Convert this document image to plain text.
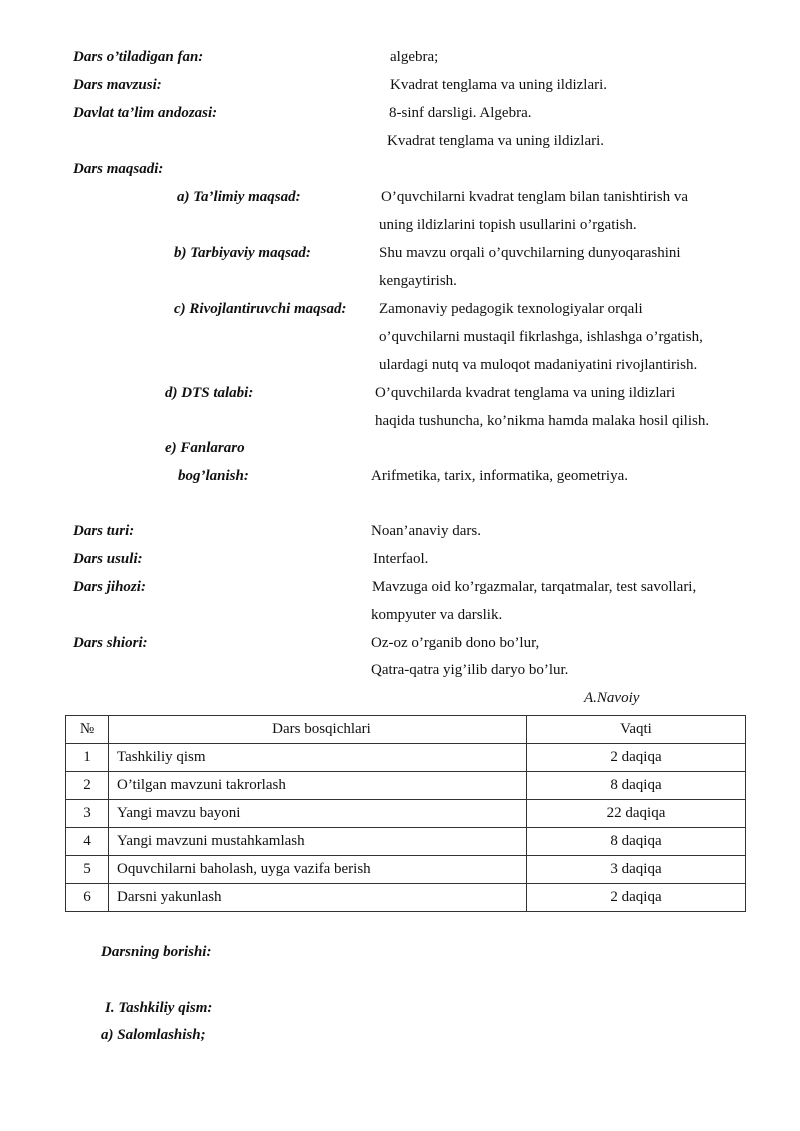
Dars o’tiladigan fan:	algebra;
Dars mavzusi:	Kvadrat tenglama va uning ildizlari.
Davlat ta’lim andozasi:	8-sinf darsligi. Algebra.
Kvadrat tenglama va uning ildizlari.
Dars maqsadi:
a) Ta’limiy maqsad:	O’quvchilarni kvadrat tenglam bilan tanishtirish va
uning ildizlarini topish usullarini o’rgatish.
b) Tarbiyaviy maqsad:	Shu mavzu orqali o’quvchilarning dunyoqarashini
kengaytirish.
c) Rivojlantiruvchi maqsad: Zamonaviy pedagogik texnologiyalar orqali
o’quvchilarni mustaqil fikrlashga, ishlashga o’rgatish,
ulardagi nutq va muloqot madaniyatini rivojlantirish.
d) DTS talabi:	O’quvchilarda kvadrat tenglama va uning ildizlari
haqida tushuncha, ko’nikma hamda malaka hosil qilish.
e) Fanlararo
bog’lanish:	Arifmetika, tarix, informatika, geometriya.
Dars turi:	Noan’anaviy dars.
Dars usuli:	Interfaol.
Dars jihozi:	Mavzuga oid ko’rgazmalar, tarqatmalar, test savollari,
kompyuter va darslik.
Dars shiori:	Oz-oz o’rganib dono bo’lur,
Qatra-qatra yig’ilib daryo bo’lur.
A.Navoiy
№	Dars bosqichlari	Vaqti
1	Tashkiliy qism	2 daqiqa
2	O’tilgan mavzuni takrorlash	8 daqiqa
3	Yangi mavzu bayoni	22 daqiqa
4	Yangi mavzuni mustahkamlash	8 daqiqa
5	Oquvchilarni baholash, uyga vazifa berish	3 daqiqa
6	Darsni yakunlash	2 daqiqa
Darsning borishi:
I. Tashkiliy qism:
a) Salomlashish;
